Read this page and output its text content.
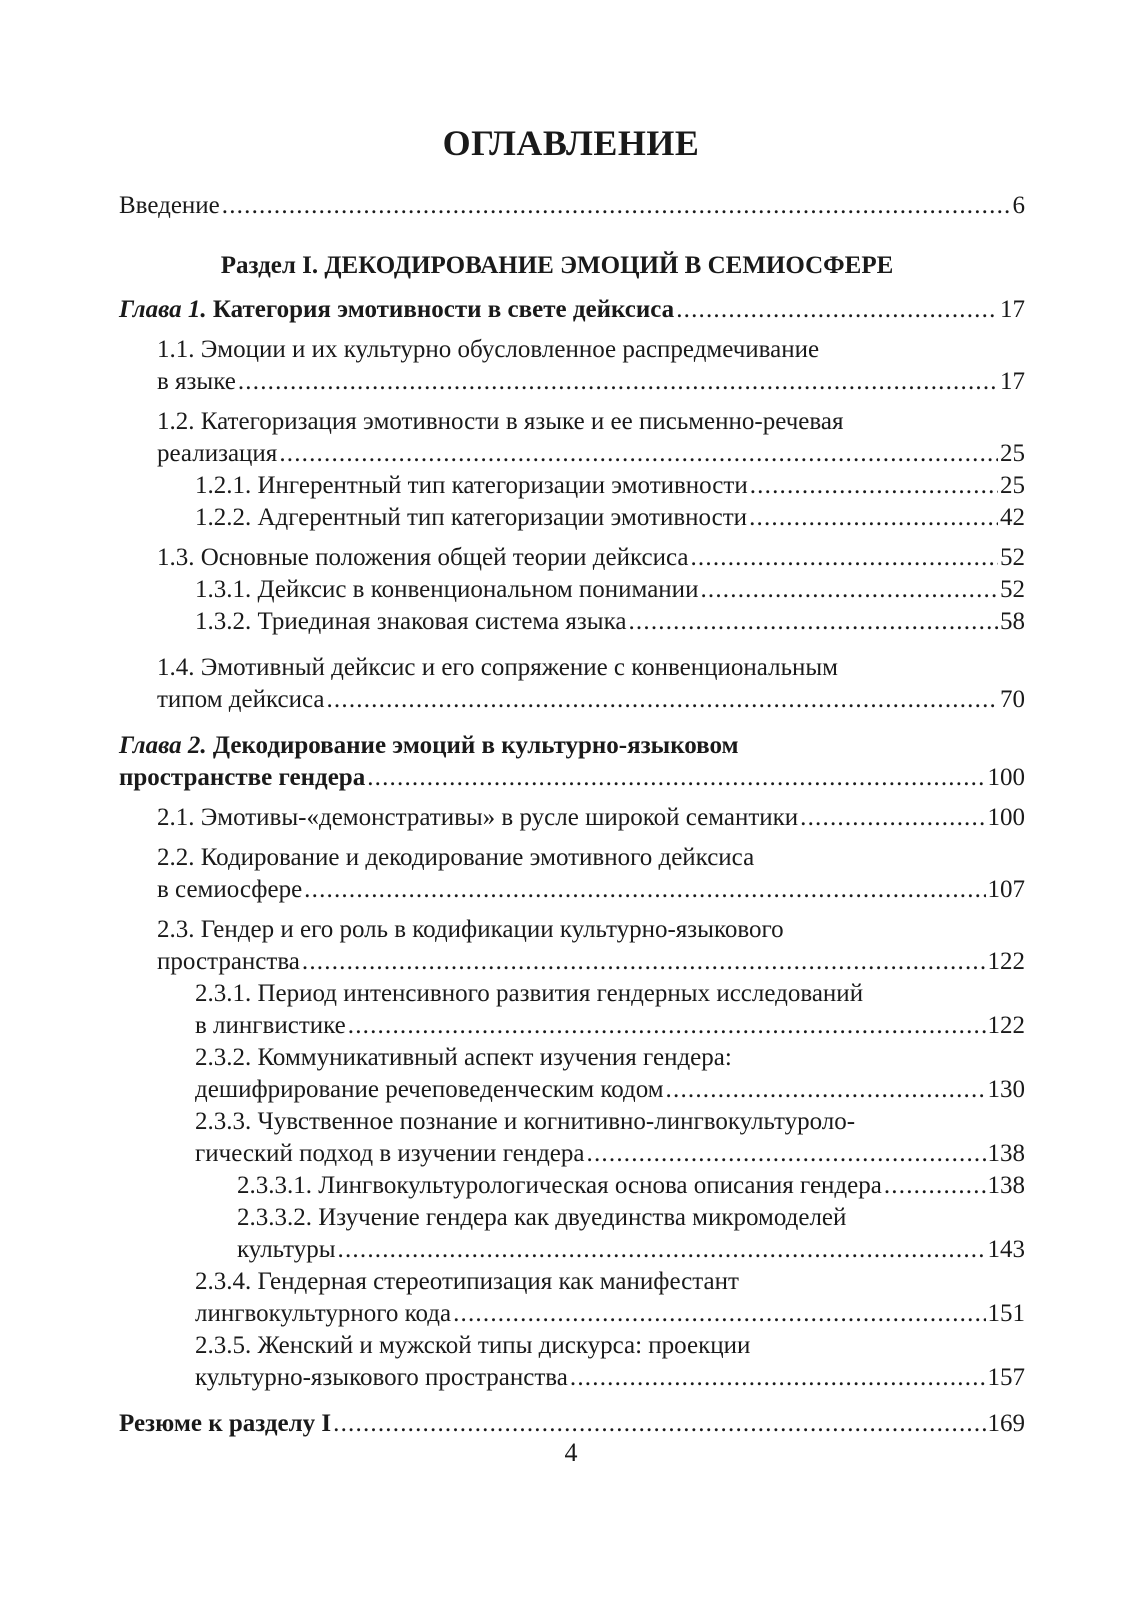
ОГЛАВЛЕНИЕ
Введение .....	6
Раздел I. ДЕКОДИРОВАНИЕ ЭМОЦИЙ В СЕМИОСФЕРЕ
Глава 1. Категория эмотивности в свете дейксиса .....	17
1.1. Эмоции и их культурно обусловленное распредмечивание
в языке .....	17
1.2. Категоризация эмотивности в языке и ее письменно-речевая
реализация .....	25
1.2.1. Ингерентный тип категоризации эмотивности .....	25
1.2.2. Адгерентный тип категоризации эмотивности .....	42
1.3. Основные положения общей теории дейксиса .....	52
1.3.1. Дейксис в конвенциональном понимании .....	52
1.3.2. Триединая знаковая система языка .....	58
1.4. Эмотивный дейксис и его сопряжение с конвенциональным
типом дейксиса .....	70
Глава 2. Декодирование эмоций в культурно-языковом
пространстве гендера .....	100
2.1. Эмотивы-«демонстративы» в русле широкой семантики .....	100
2.2. Кодирование и декодирование эмотивного дейксиса
в семиосфере .....	107
2.3. Гендер и его роль в кодификации культурно-языкового
пространства .....	122
2.3.1. Период интенсивного развития гендерных исследований
в лингвистике .....	122
2.3.2. Коммуникативный аспект изучения гендера:
дешифрирование речеповеденческим кодом .....	130
2.3.3. Чувственное познание и когнитивно-лингвокультуроло-
гический подход в изучении гендера .....	138
2.3.3.1. Лингвокультурологическая основа описания гендера .....	138
2.3.3.2. Изучение гендера как двуединства микромоделей
культуры .....	143
2.3.4. Гендерная стереотипизация как манифестант
лингвокультурного кода .....	151
2.3.5. Женский и мужской типы дискурса: проекции
культурно-языкового пространства .....	157
Резюме к разделу I .....	169
4
